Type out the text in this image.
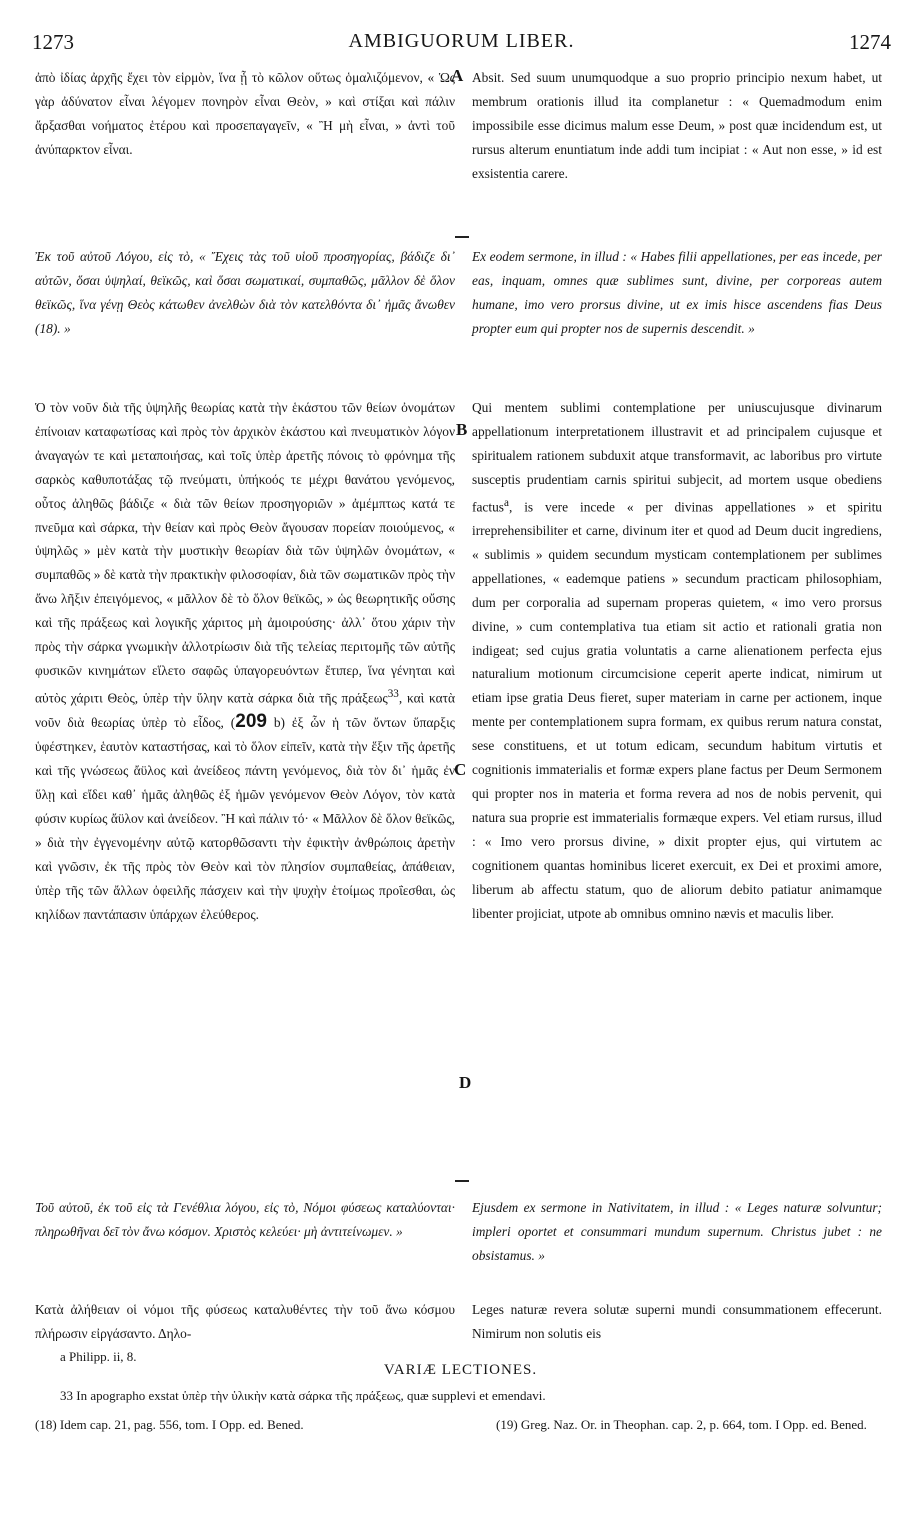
1273	AMBIGUORUM LIBER.	1274
A
B
C
D
ἀπὸ ἰδίας ἀρχῆς ἔχει τὸν εἱρμὸν, ἵνα ᾖ τὸ κῶλον οὕτως ὁμαλιζόμενον, « Ὡς γὰρ ἀδύνατον εἶναι λέγομεν πονηρὸν εἶναι Θεὸν, » καὶ στίξαι καὶ πάλιν ἄρξασθαι νοήματος ἑτέρου καὶ προσεπαγαγεῖν, « Ἢ μὴ εἶναι, » ἀντὶ τοῦ ἀνύπαρκτον εἶναι.
Ἐκ τοῦ αὐτοῦ Λόγου, εἰς τὸ, « Ἔχεις τὰς τοῦ υἱοῦ προσηγορίας, βάδιζε δι᾽ αὐτῶν, ὅσαι ὑψηλαί, θεϊκῶς, καὶ ὅσαι σωματικαί, συμπαθῶς, μᾶλλον δὲ ὅλον θεϊκῶς, ἵνα γένῃ Θεὸς κάτωθεν ἀνελθὼν διὰ τὸν κατελθόντα δι᾽ ἡμᾶς ἄνωθεν (18). »
Ὁ τὸν νοῦν διὰ τῆς ὑψηλῆς θεωρίας κατὰ τὴν ἑκάστου τῶν θείων ὀνομάτων ἐπίνοιαν καταφωτίσας καὶ πρὸς τὸν ἀρχικὸν ἑκάστου καὶ πνευματικὸν λόγον ἀναγαγών τε καὶ μεταποιήσας, καὶ τοῖς ὑπὲρ ἀρετῆς πόνοις τὸ φρόνημα τῆς σαρκὸς καθυποτάξας τῷ πνεύματι, ὑπήκοός τε μέχρι θανάτου γενόμενος, οὗτος ἀληθῶς βάδιζε « διὰ τῶν θείων προσηγοριῶν » ἀμέμπτως κατά τε πνεῦμα καὶ σάρκα, τὴν θείαν καὶ πρὸς Θεὸν ἄγουσαν πορείαν ποιούμενος, « ὑψηλῶς » μὲν κατὰ τὴν μυστικὴν θεωρίαν διὰ τῶν ὑψηλῶν ὀνομάτων, « συμπαθῶς » δὲ κατὰ τὴν πρακτικὴν φιλοσοφίαν, διὰ τῶν σωματικῶν πρὸς τὴν ἄνω λῆξιν ἐπειγόμενος, « μᾶλλον δὲ τὸ ὅλον θεϊκῶς, » ὡς θεωρητικῆς οὔσης καὶ τῆς πράξεως καὶ λογικῆς χάριτος μὴ ἀμοιρούσης· ἀλλ᾽ ὅτου χάριν τὴν πρὸς τὴν σάρκα γνωμικὴν ἀλλοτρίωσιν διὰ τῆς τελείας περιτομῆς τῶν αὐτῆς φυσικῶν κινημάτων εἵλετο σαφῶς ὑπαγορευόντων ἔτιπερ, ἵνα γένηται καὶ αὐτὸς χάριτι Θεὸς, ὑπὲρ τὴν ὕλην κατὰ σάρκα διὰ τῆς πράξεως$^{33}$, καὶ κατὰ νοῦν διὰ θεωρίας ὑπὲρ τὸ εἶδος, (209 b) ἐξ ὧν ἡ τῶν ὄντων ὕπαρξις ὑφέστηκεν, ἑαυτὸν καταστήσας, καὶ τὸ ὅλον εἰπεῖν, κατὰ τὴν ἕξιν τῆς ἀρετῆς καὶ τῆς γνώσεως ἄϋλος καὶ ἀνείδεος πάντη γενόμενος, διὰ τὸν δι᾽ ἡμᾶς ἐν ὕλῃ καὶ εἴδει καθ᾽ ἡμᾶς ἀληθῶς ἐξ ἡμῶν γενόμενον Θεὸν Λόγον, τὸν κατὰ φύσιν κυρίως ἄϋλον καὶ ἀνείδεον. Ἢ καὶ πάλιν τό· « Μᾶλλον δὲ ὅλον θεϊκῶς, » διὰ τὴν ἐγγενομένην αὐτῷ κατορθῶσαντι τὴν ἐφικτὴν ἀνθρώποις ἀρετὴν καὶ γνῶσιν, ἐκ τῆς πρὸς τὸν Θεὸν καὶ τὸν πλησίον συμπαθείας, ἀπάθειαν, ὑπὲρ τῆς τῶν ἄλλων ὀφειλῆς πάσχειν καὶ τὴν ψυχὴν ἑτοίμως προΐεσθαι, ὡς κηλίδων παντάπασιν ὑπάρχων ἐλεύθερος.
Τοῦ αὐτοῦ, ἐκ τοῦ εἰς τὰ Γενέθλια λόγου, εἰς τὸ, Νόμοι φύσεως καταλύονται· πληρωθῆναι δεῖ τὸν ἄνω κόσμον. Χριστὸς κελεύει· μὴ ἀντιτείνωμεν. »
Κατὰ ἀλήθειαν οἱ νόμοι τῆς φύσεως καταλυθέντες τὴν τοῦ ἄνω κόσμου πλήρωσιν εἰργάσαντο. Δηλο-
Absit. Sed suum unumquodque a suo proprio principio nexum habet, ut membrum orationis illud ita complanetur : « Quemadmodum enim impossibile esse dicimus malum esse Deum, » post quæ incidendum est, ut rursus alterum enuntiatum inde addi tum incipiat : « Aut non esse, » id est exsistentia carere.
Ex eodem sermone, in illud : « Habes filii appellationes, per eas incede, per eas, inquam, omnes quæ sublimes sunt, divine, per corporeas autem humane, imo vero prorsus divine, ut ex imis hisce ascendens fias Deus propter eum qui propter nos de supernis descendit. »
Qui mentem sublimi contemplatione per uniuscujusque divinarum appellationum interpretationem illustravit et ad principalem cujusque et spiritualem rationem subduxit atque transformavit, ac laboribus pro virtute susceptis prudentiam carnis spiritui subjecit, ad mortem usque obediens factus$^a$, is vere incede « per divinas appellationes » et spiritu irreprehensibiliter et carne, divinum iter et quod ad Deum ducit ingrediens, « sublimis » quidem secundum mysticam contemplationem per sublimes appellationes, « eademque patiens » secundum practicam philosophiam, dum per corporalia ad supernam properas quietem, « imo vero prorsus divine, » cum contemplativa tua etiam sit actio et rationali gratia non indigeat; sed cujus gratia voluntatis a carne alienationem perfecta ejus naturalium motionum circumcisione ceperit aperte indicat, nimirum ut etiam ipse gratia Deus fieret, super materiam in carne per actionem, inque mente per contemplationem supra formam, ex quibus rerum natura constat, sese constituens, et ut totum edicam, secundum habitum virtutis et cognitionis immaterialis et formæ expers plane factus per Deum Sermonem qui propter nos in materia et forma revera ad nos de nobis pervenit, qui natura sua proprie est immaterialis formæque expers. Vel etiam rursus, illud : « Imo vero prorsus divine, » dixit propter ejus, qui virtutem ac cognitionem quantas hominibus liceret exercuit, ex Dei et proximi amore, liberum ab affectu statum, quo de aliorum debito patiatur animamque libenter projiciat, utpote ab omnibus omnino nævis et maculis liber.
Ejusdem ex sermone in Nativitatem, in illud : « Leges naturæ solvuntur; impleri oportet et consummari mundum supernum. Christus jubet : ne obsistamus. »
Leges naturæ revera solutæ superni mundi consummationem effecerunt. Nimirum non solutis eis
a Philipp. ii, 8.
VARIÆ LECTIONES.
33 In apographo exstat ὑπὲρ τὴν ὑλικὴν κατὰ σάρκα τῆς πράξεως, quæ supplevi et emendavi.
(18) Idem cap. 21, pag. 556, tom. I Opp. ed. Bened.	(19) Greg. Naz. Or. in Theophan. cap. 2, p. 664, tom. I Opp. ed. Bened.
